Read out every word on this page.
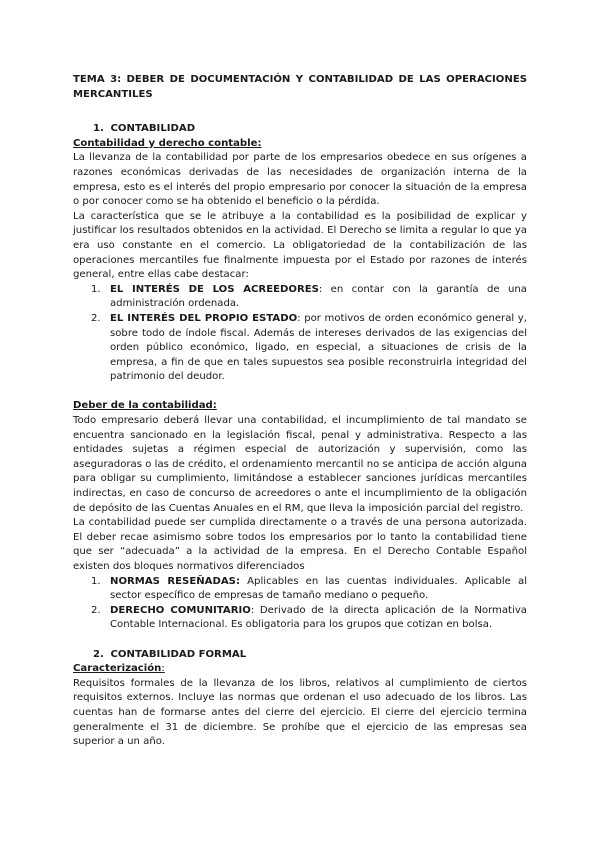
TEMA 3: DEBER DE DOCUMENTACIÓN Y CONTABILIDAD DE LAS OPERACIONES MERCANTILES
1. CONTABILIDAD
Contabilidad y derecho contable:

La llevanza de la contabilidad por parte de los empresarios obedece en sus orígenes a razones económicas derivadas de las necesidades de organización interna de la empresa, esto es el interés del propio empresario por conocer la situación de la empresa o por conocer como se ha obtenido el beneficio o la pérdida.

La característica que se le atribuye a la contabilidad es la posibilidad de explicar y justificar los resultados obtenidos en la actividad. El Derecho se limita a regular lo que ya era uso constante en el comercio. La obligatoriedad de la contabilización de las operaciones mercantiles fue finalmente impuesta por el Estado por razones de interés general, entre ellas cabe destacar:

1. EL INTERÉS DE LOS ACREEDORES: en contar con la garantía de una administración ordenada.
2. EL INTERÉS DEL PROPIO ESTADO: por motivos de orden económico general y, sobre todo de índole fiscal. Además de intereses derivados de las exigencias del orden público económico, ligado, en especial, a situaciones de crisis de la empresa, a fin de que en tales supuestos sea posible reconstruirla integridad del patrimonio del deudor.
Deber de la contabilidad:

Todo empresario deberá llevar una contabilidad, el incumplimiento de tal mandato se encuentra sancionado en la legislación fiscal, penal y administrativa. Respecto a las entidades sujetas a régimen especial de autorización y supervisión, como las aseguradoras o las de crédito, el ordenamiento mercantil no se anticipa de acción alguna para obligar su cumplimiento, limitándose a establecer sanciones jurídicas mercantiles indirectas, en caso de concurso de acreedores o ante el incumplimiento de la obligación de depósito de las Cuentas Anuales en el RM, que lleva la imposición parcial del registro.

La contabilidad puede ser cumplida directamente o a través de una persona autorizada. El deber recae asimismo sobre todos los empresarios por lo tanto la contabilidad tiene que ser “adecuada” a la actividad de la empresa. En el Derecho Contable Español existen dos bloques normativos diferenciados

1. NORMAS RESEÑADAS: Aplicables en las cuentas individuales. Aplicable al sector específico de empresas de tamaño mediano o pequeño.
2. DERECHO COMUNITARIO: Derivado de la directa aplicación de la Normativa Contable Internacional. Es obligatoria para los grupos que cotizan en bolsa.
2. CONTABILIDAD FORMAL
Caracterización:

Requisitos formales de la llevanza de los libros, relativos al cumplimiento de ciertos requisitos externos. Incluye las normas que ordenan el uso adecuado de los libros. Las cuentas han de formarse antes del cierre del ejercicio. El cierre del ejercicio termina generalmente el 31 de diciembre. Se prohíbe que el ejercicio de las empresas sea superior a un año.
